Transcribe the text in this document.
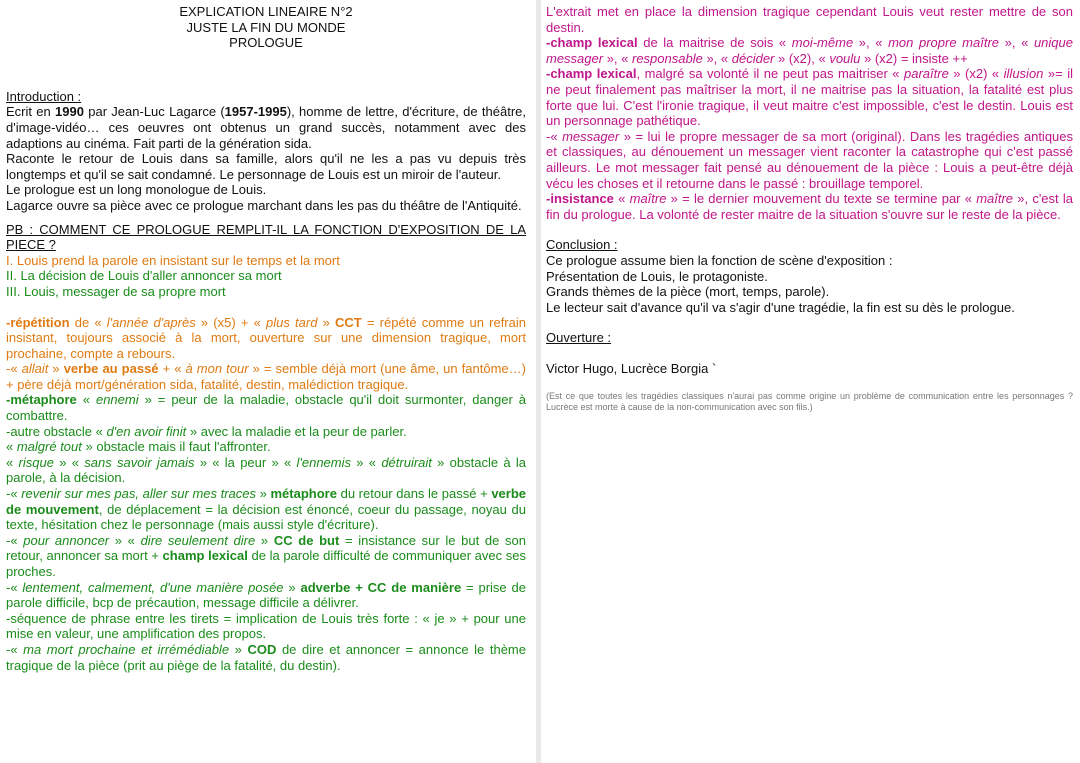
EXPLICATION LINEAIRE N°2
JUSTE LA FIN DU MONDE
PROLOGUE

Introduction :

Ecrit en 1990 par Jean-Luc Lagarce (1957-1995), homme de lettre, d'écriture, de théâtre, d'image-vidéo… ces oeuvres ont obtenus un grand succès, notamment avec des adaptions au cinéma. Fait parti de la génération sida.

Raconte le retour de Louis dans sa famille, alors qu'il ne les a pas vu depuis très longtemps et qu'il se sait condamné. Le personnage de Louis est un miroir de l'auteur.

Le prologue est un long monologue de Louis.

Lagarce ouvre sa pièce avec ce prologue marchant dans les pas du théâtre de l'Antiquité.

PB : COMMENT CE PROLOGUE REMPLIT-IL LA FONCTION D'EXPOSITION DE LA PIECE ?

I. Louis prend la parole en insistant sur le temps et la mort
II. La décision de Louis d'aller annoncer sa mort
III. Louis, messager de sa propre mort

-répétition de « l'année d'après » (x5) + « plus tard » CCT = répété comme un refrain insistant, toujours associé à la mort, ouverture sur une dimension tragique, mort prochaine, compte a rebours.

-« allait » verbe au passé + « à mon tour » = semble déjà mort (une âme, un fantôme…) + père déjà mort/génération sida, fatalité, destin, malédiction tragique.

-métaphore « ennemi » = peur de la maladie, obstacle qu'il doit surmonter, danger à combattre.

-autre obstacle « d'en avoir finit » avec la maladie et la peur de parler.

« malgré tout » obstacle mais il faut l'affronter.

« risque » « sans savoir jamais » « la peur » « l'ennemis » « détruirait » obstacle à la parole, à la décision.

-« revenir sur mes pas, aller sur mes traces » métaphore du retour dans le passé + verbe de mouvement, de déplacement = la décision est énoncé, coeur du passage, noyau du texte, hésitation chez le personnage (mais aussi style d'écriture).

-« pour annoncer » « dire seulement dire » CC de but = insistance sur le but de son retour, annoncer sa mort + champ lexical de la parole difficulté de communiquer avec ses proches.

-« lentement, calmement, d'une manière posée » adverbe + CC de manière = prise de parole difficile, bcp de précaution, message difficile a délivrer.

-séquence de phrase entre les tirets = implication de Louis très forte : « je » + pour une mise en valeur, une amplification des propos.

-« ma mort prochaine et irrémédiable » COD de dire et annoncer = annonce le thème tragique de la pièce (prit au piège de la fatalité, du destin).

L'extrait met en place la dimension tragique cependant Louis veut rester mettre de son destin.

-champ lexical de la maitrise de sois « moi-même », « mon propre maître », « unique messager », « responsable », « décider » (x2), « voulu » (x2) = insiste ++

-champ lexical, malgré sa volonté il ne peut pas maitriser « paraître » (x2) « illusion »= il ne peut finalement pas maîtriser la mort, il ne maitrise pas la situation, la fatalité est plus forte que lui. C'est l'ironie tragique, il veut maitre c'est impossible, c'est le destin. Louis est un personnage pathétique.

-« messager » = lui le propre messager de sa mort (original). Dans les tragédies antiques et classiques, au dénouement un messager vient raconter la catastrophe qui c'est passé ailleurs. Le mot messager fait pensé au dénouement de la pièce : Louis a peut-être déjà vécu les choses et il retourne dans le passé : brouillage temporel.

-insistance « maître » = le dernier mouvement du texte se termine par « maître », c'est la fin du prologue. La volonté de rester maitre de la situation s'ouvre sur le reste de la pièce.

Conclusion :

Ce prologue assume bien la fonction de scène d'exposition :

Présentation de Louis, le protagoniste.

Grands thèmes de la pièce (mort, temps, parole).

Le lecteur sait d'avance qu'il va s'agir d'une tragédie, la fin est su dès le prologue.

Ouverture :

Victor Hugo, Lucrèce Borgia `

(Est ce que toutes les tragédies classiques n'aurai pas comme origine un problème de communication entre les personnages ? Lucrèce est morte à cause de la non-communication avec son fils.)
